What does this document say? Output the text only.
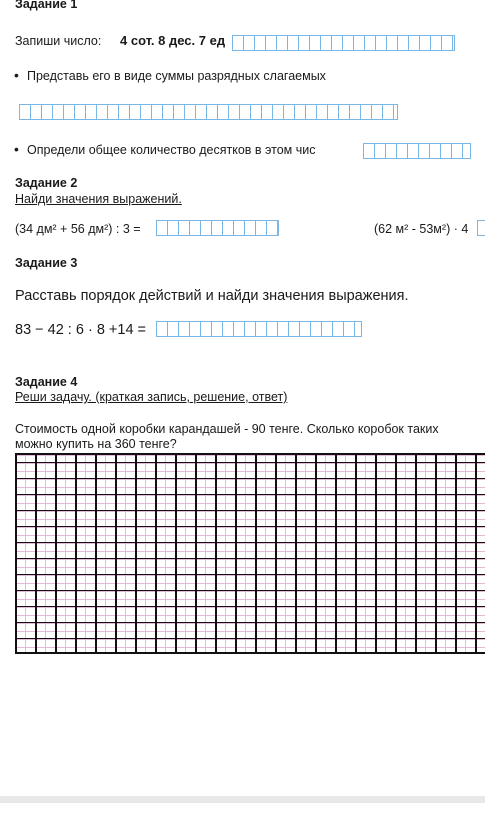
Задание 1
Запиши число: 4 сот. 8 дес. 7 ед
• Представь его в виде суммы разрядных слагаемых
• Определи общее количество десятков в этом чис
Задание 2
Найди значения выражений.
(34 дм² + 56 дм²) : 3 =	(62 м² - 53м²) · 4
Задание 3
Расставь порядок действий и найди значения выражения.
83 − 42 : 6 · 8 +14 =
Задание 4
Реши задачу. (краткая запись, решение, ответ)
Стоимость одной коробки карандашей - 90 тенге. Сколько коробок таких
можно купить на 360 тенге?
